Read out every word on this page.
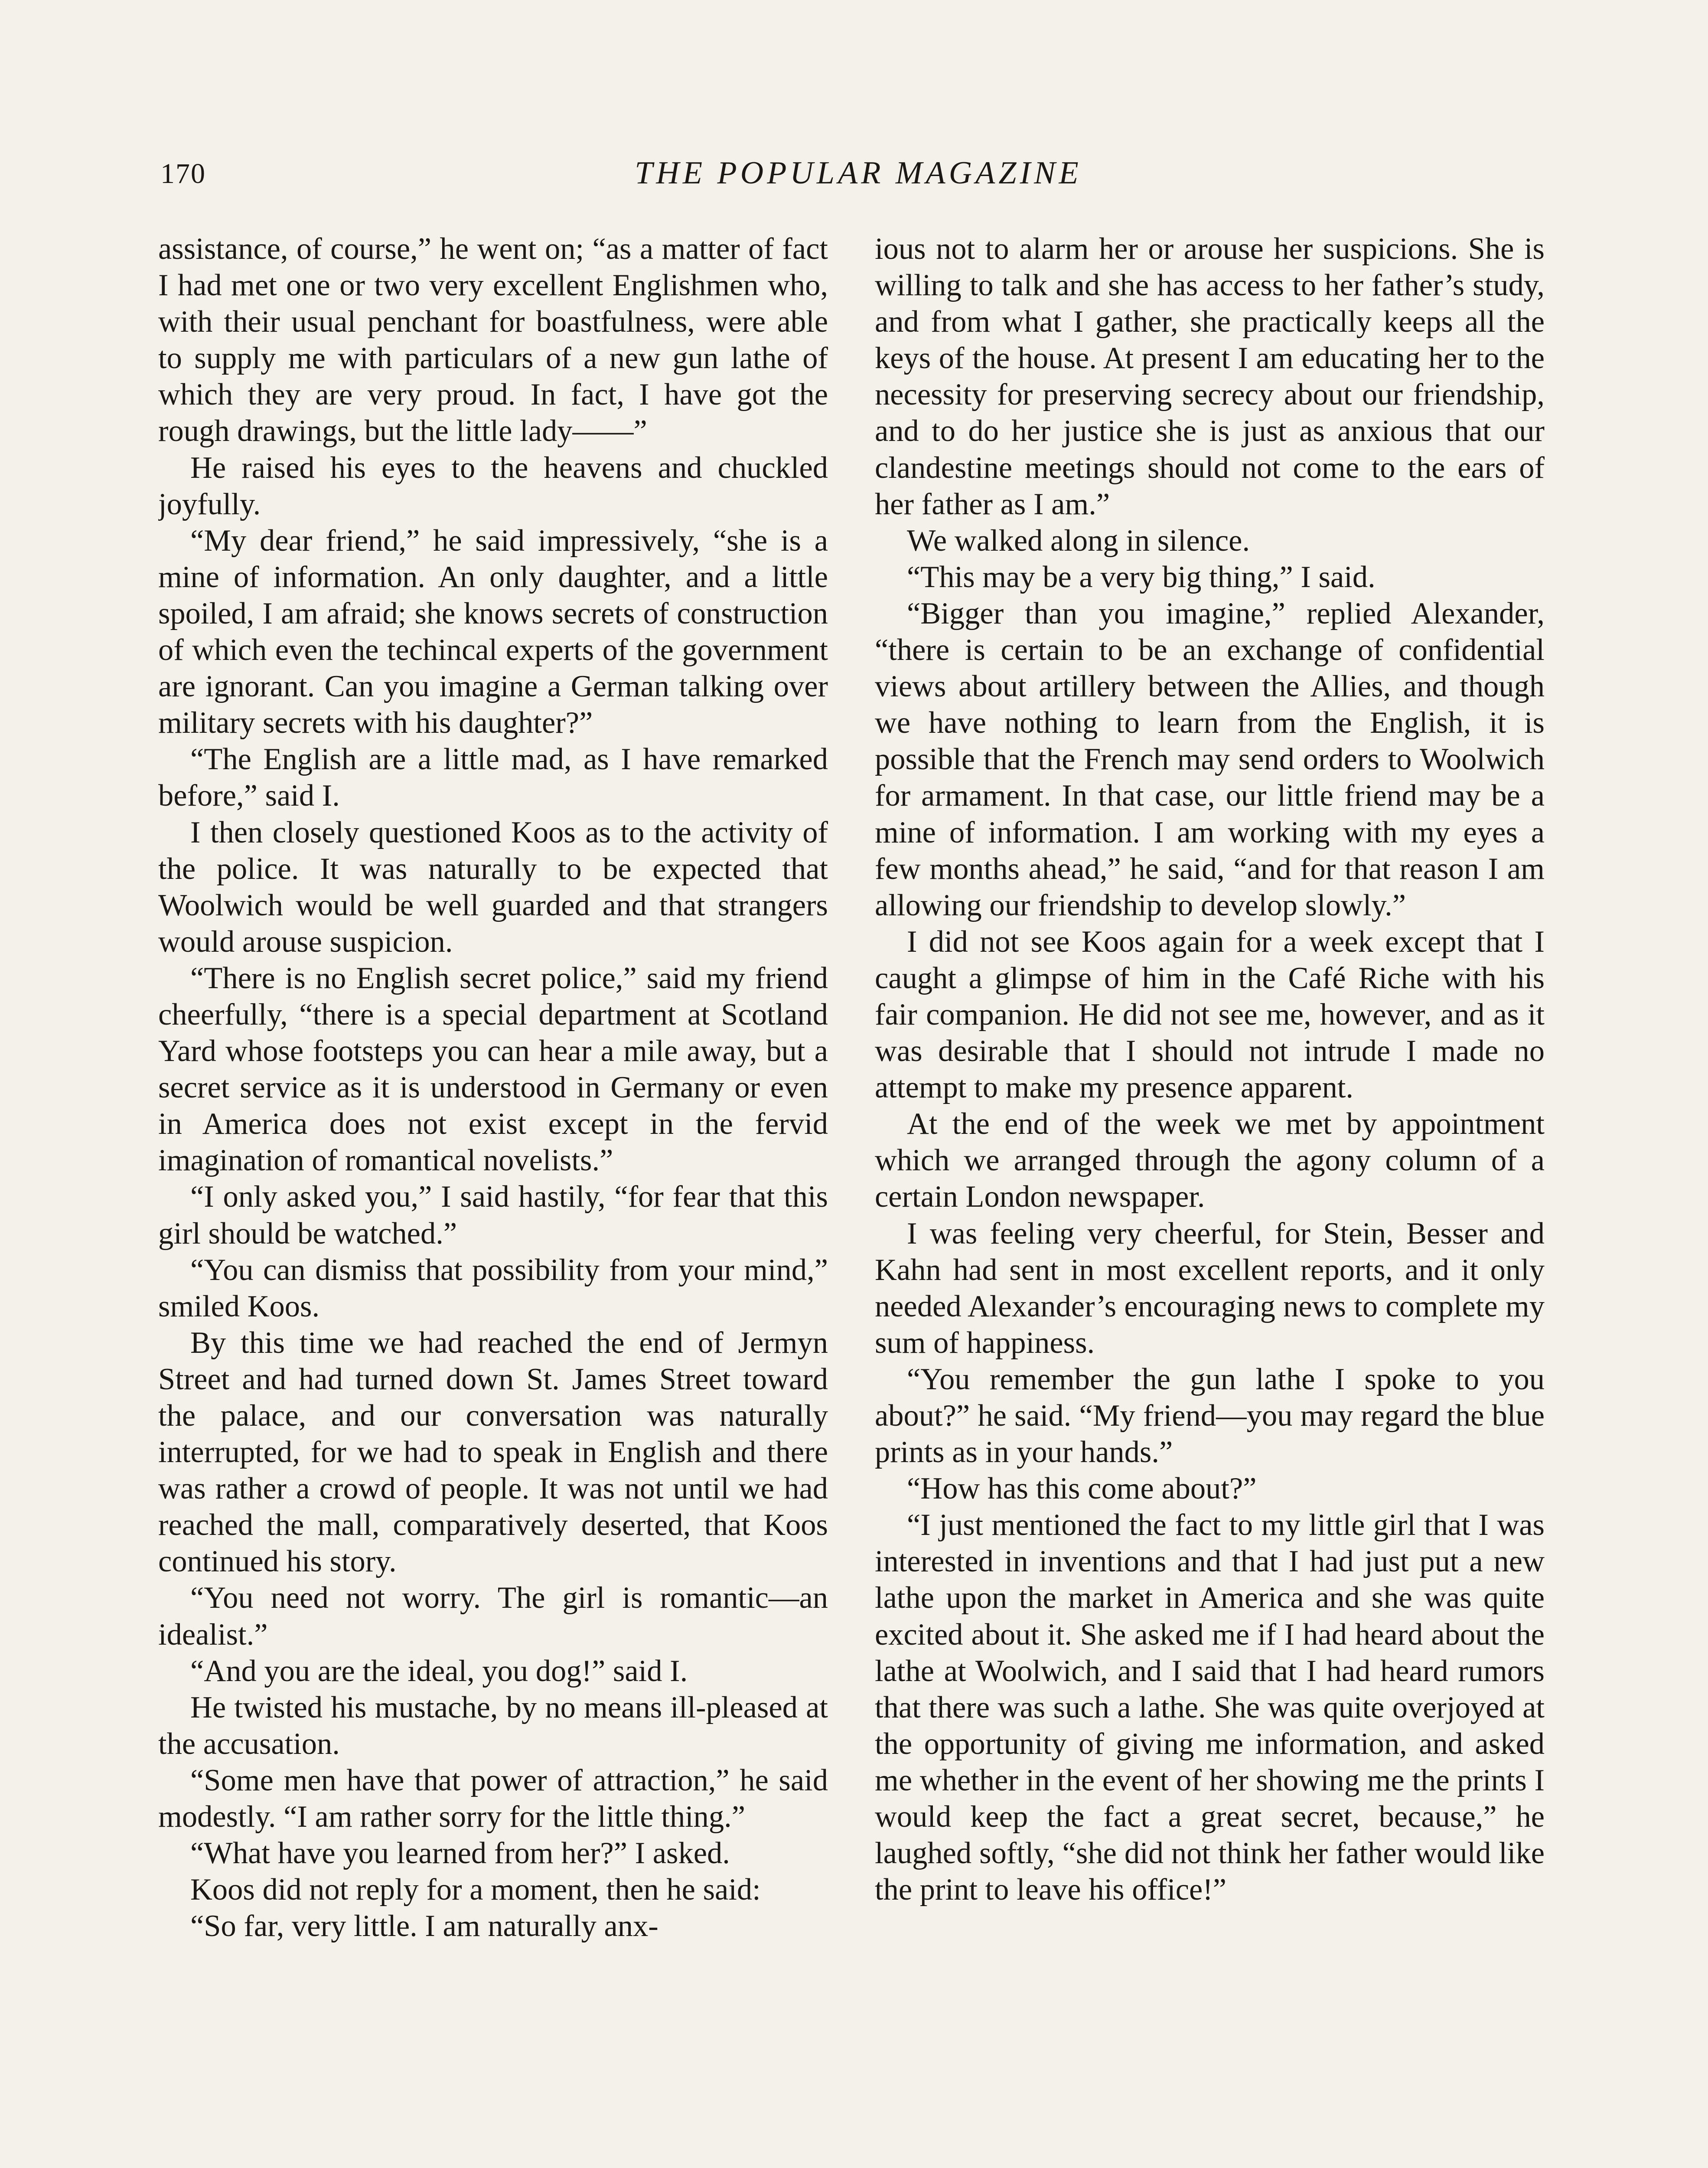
170	THE POPULAR MAGAZINE

assistance, of course,” he went on; “as a matter of fact I had met one or two very excellent Englishmen who, with their usual penchant for boastfulness, were able to supply me with particulars of a new gun lathe of which they are very proud. In fact, I have got the rough drawings, but the little lady——”

He raised his eyes to the heavens and chuckled joyfully.

“My dear friend,” he said impressively, “she is a mine of information. An only daughter, and a little spoiled, I am afraid; she knows secrets of construction of which even the techincal experts of the government are ignorant. Can you imagine a German talking over military secrets with his daughter?”

“The English are a little mad, as I have remarked before,” said I.

I then closely questioned Koos as to the activity of the police. It was naturally to be expected that Woolwich would be well guarded and that strangers would arouse suspicion.

“There is no English secret police,” said my friend cheerfully, “there is a special department at Scotland Yard whose footsteps you can hear a mile away, but a secret service as it is understood in Germany or even in America does not exist except in the fervid imagination of romantical novelists.”

“I only asked you,” I said hastily, “for fear that this girl should be watched.”

“You can dismiss that possibility from your mind,” smiled Koos.

By this time we had reached the end of Jermyn Street and had turned down St. James Street toward the palace, and our conversation was naturally interrupted, for we had to speak in English and there was rather a crowd of people. It was not until we had reached the mall, comparatively deserted, that Koos continued his story.

“You need not worry. The girl is romantic—an idealist.”

“And you are the ideal, you dog!” said I.

He twisted his mustache, by no means ill-pleased at the accusation.

“Some men have that power of attraction,” he said modestly. “I am rather sorry for the little thing.”

“What have you learned from her?” I asked.

Koos did not reply for a moment, then he said:

“So far, very little. I am naturally anx-

ious not to alarm her or arouse her suspicions. She is willing to talk and she has access to her father’s study, and from what I gather, she practically keeps all the keys of the house. At present I am educating her to the necessity for preserving secrecy about our friendship, and to do her justice she is just as anxious that our clandestine meetings should not come to the ears of her father as I am.”

We walked along in silence.

“This may be a very big thing,” I said.

“Bigger than you imagine,” replied Alexander, “there is certain to be an exchange of confidential views about artillery between the Allies, and though we have nothing to learn from the English, it is possible that the French may send orders to Woolwich for armament. In that case, our little friend may be a mine of information. I am working with my eyes a few months ahead,” he said, “and for that reason I am allowing our friendship to develop slowly.”

I did not see Koos again for a week except that I caught a glimpse of him in the Café Riche with his fair companion. He did not see me, however, and as it was desirable that I should not intrude I made no attempt to make my presence apparent.

At the end of the week we met by appointment which we arranged through the agony column of a certain London newspaper.

I was feeling very cheerful, for Stein, Besser and Kahn had sent in most excellent reports, and it only needed Alexander’s encouraging news to complete my sum of happiness.

“You remember the gun lathe I spoke to you about?” he said. “My friend—you may regard the blue prints as in your hands.”

“How has this come about?”

“I just mentioned the fact to my little girl that I was interested in inventions and that I had just put a new lathe upon the market in America and she was quite excited about it. She asked me if I had heard about the lathe at Woolwich, and I said that I had heard rumors that there was such a lathe. She was quite overjoyed at the opportunity of giving me information, and asked me whether in the event of her showing me the prints I would keep the fact a great secret, because,” he laughed softly, “she did not think her father would like the print to leave his office!”
